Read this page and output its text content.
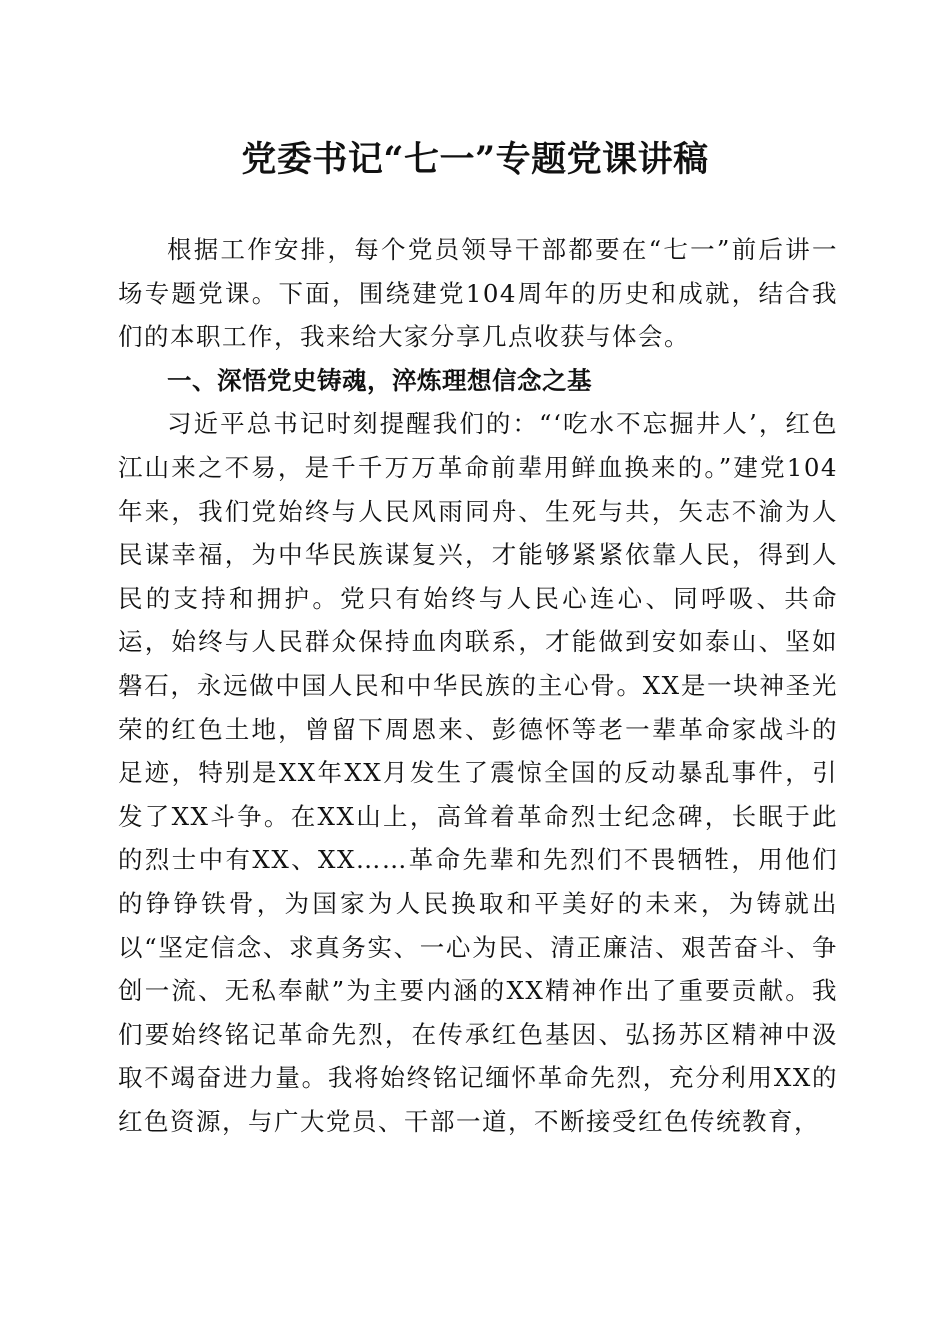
党委书记“七一”专题党课讲稿

根据工作安排，每个党员领导干部都要在“七一”前后讲一场专题党课。下面，围绕建党104周年的历史和成就，结合我们的本职工作，我来给大家分享几点收获与体会。

一、深悟党史铸魂，淬炼理想信念之基

习近平总书记时刻提醒我们的：“‘吃水不忘掘井人’，红色江山来之不易，是千千万万革命前辈用鲜血换来的。”建党104年来，我们党始终与人民风雨同舟、生死与共，矢志不渝为人民谋幸福，为中华民族谋复兴，才能够紧紧依靠人民，得到人民的支持和拥护。党只有始终与人民心连心、同呼吸、共命运，始终与人民群众保持血肉联系，才能做到安如泰山、坚如磐石，永远做中国人民和中华民族的主心骨。XX是一块神圣光荣的红色土地，曾留下周恩来、彭德怀等老一辈革命家战斗的足迹，特别是XX年XX月发生了震惊全国的反动暴乱事件，引发了XX斗争。在XX山上，高耸着革命烈士纪念碑，长眠于此的烈士中有XX、XX……革命先辈和先烈们不畏牺牲，用他们的铮铮铁骨，为国家为人民换取和平美好的未来，为铸就出以“坚定信念、求真务实、一心为民、清正廉洁、艰苦奋斗、争创一流、无私奉献”为主要内涵的XX精神作出了重要贡献。我们要始终铭记革命先烈，在传承红色基因、弘扬苏区精神中汲取不竭奋进力量。我将始终铭记缅怀革命先烈，充分利用XX的红色资源，与广大党员、干部一道，不断接受红色传统教育，
